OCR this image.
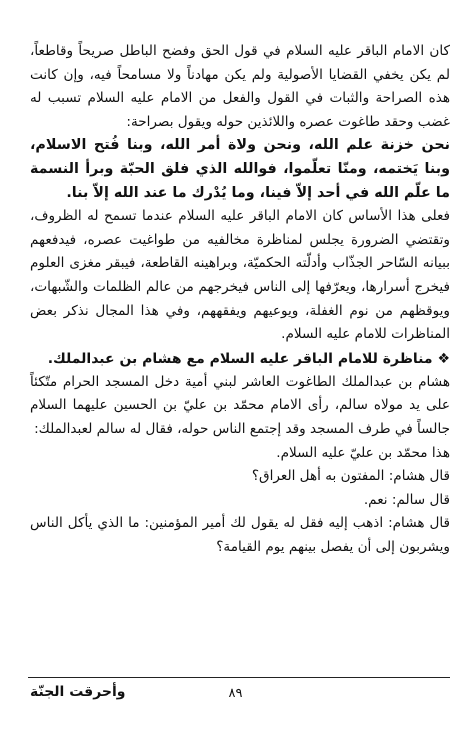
كان الامام الباقر عليه السلام في قول الحق وفضح الباطل صريحاً وقاطعاً، لم يكن يخفي القضايا الأصولية ولم يكن مهادناً ولا مسامحاً فيه، وإن كانت هذه الصراحة والثبات في القول والفعل من الامام عليه السلام تسبب له غضب وحقد طاغوت عصره واللائذين حوله ويقول بصراحة:

نحن خزنة علم الله، ونحن ولاة أمر الله، وبنا فُتح الاسلام، وبنا يَختمه، ومنّا تعلّموا، فوالله الذي فلق الحبّة وبرأ النسمة ما علّم الله في أحد إلاّ فينا، وما يُدْرك ما عند الله إلاّ بنا.

فعلى هذا الأساس كان الامام الباقر عليه السلام عندما تسمح له الظروف، وتقتضي الضرورة يجلس لمناظرة مخالفيه من طواغيت عصره، فيدفعهم ببيانه السّاحر الجذّاب وأدلّته الحكميّة، وبراهينه القاطعة، فيبقر مغزى العلوم فيخرج أسرارها، ويعرّفها إلى الناس فيخرجهم من عالم الظلمات والشّبهات، ويوقظهم من نوم الغفلة، ويوعيهم ويفقههم، وفي هذا المجال نذكر بعض المناظرات للامام عليه السلام.

❖ مناظرة للامام الباقر عليه السلام مع هشام بن عبدالملك.

هشام بن عبدالملك الطاغوت العاشر لبني أمية دخل المسجد الحرام متّكئاً على يد مولاه سالم، رأى الامام محمّد بن عليّ بن الحسين عليهما السلام جالساً في طرف المسجد وقد إجتمع الناس حوله، فقال له سالم لعبدالملك:

هذا محمّد بن عليّ عليه السلام.

قال هشام: المفتون به أهل العراق؟

قال سالم: نعم.

قال هشام: اذهب إليه فقل له يقول لك أمير المؤمنين: ما الذي يأكل الناس ويشربون إلى أن يفصل بينهم يوم القيامة؟

٨٩
وأحرقت الجنّة
